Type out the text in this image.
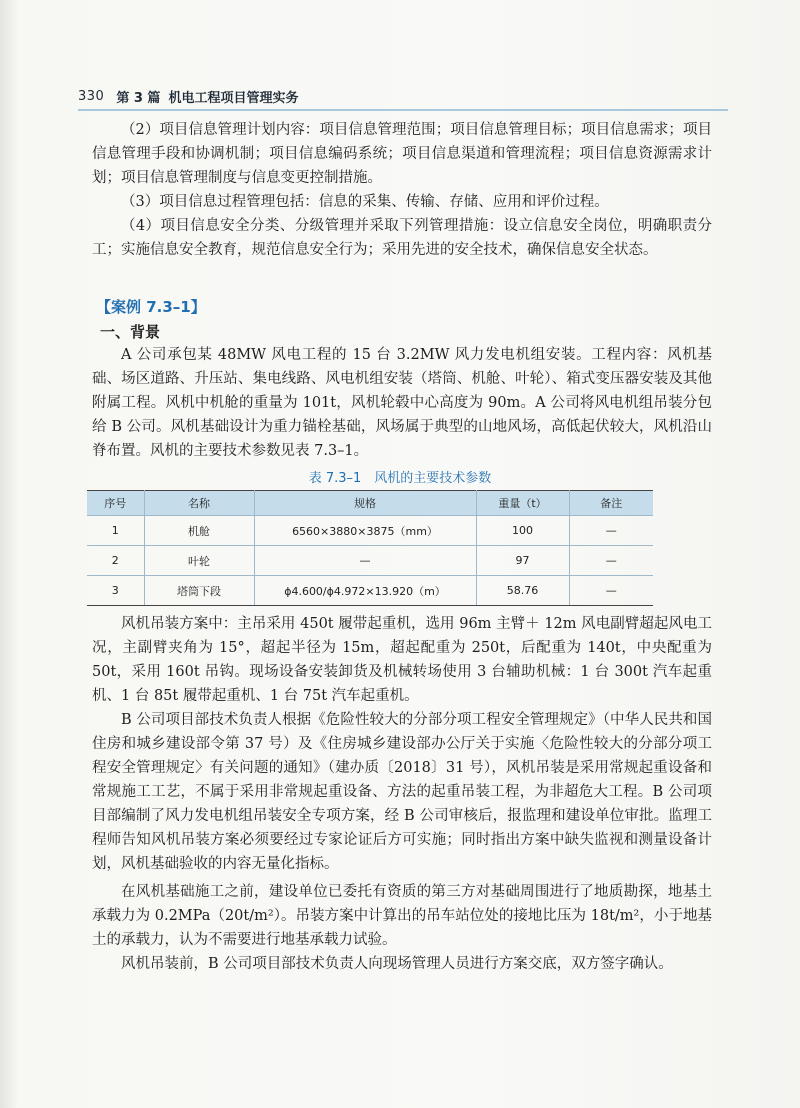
330 第 3 篇 机电工程项目管理实务

（2）项目信息管理计划内容：项目信息管理范围；项目信息管理目标；项目信息需求；项目信息管理手段和协调机制；项目信息编码系统；项目信息渠道和管理流程；项目信息资源需求计划；项目信息管理制度与信息变更控制措施。

（3）项目信息过程管理包括：信息的采集、传输、存储、应用和评价过程。

（4）项目信息安全分类、分级管理并采取下列管理措施：设立信息安全岗位，明确职责分工；实施信息安全教育，规范信息安全行为；采用先进的安全技术，确保信息安全状态。

【案例 7.3–1】
一、背景

A 公司承包某 48MW 风电工程的 15 台 3.2MW 风力发电机组安装。工程内容：风机基础、场区道路、升压站、集电线路、风电机组安装（塔筒、机舱、叶轮）、箱式变压器安装及其他附属工程。风机中机舱的重量为 101t，风机轮毂中心高度为 90m。A 公司将风电机组吊装分包给 B 公司。风机基础设计为重力锚栓基础，风场属于典型的山地风场，高低起伏较大，风机沿山脊布置。风机的主要技术参数见表 7.3–1。

表 7.3–1　风机的主要技术参数
序号	名称	规格	重量（t）	备注
1	机舱	6560×3880×3875（mm）	100	—
2	叶轮	—	97	—
3	塔筒下段	ϕ4.600/ϕ4.972×13.920（m）	58.76	—

风机吊装方案中：主吊采用 450t 履带起重机，选用 96m 主臂＋ 12m 风电副臂超起风电工况，主副臂夹角为 15°，超起半径为 15m，超起配重为 250t，后配重为 140t，中央配重为 50t，采用 160t 吊钩。现场设备安装卸货及机械转场使用 3 台辅助机械：1 台 300t 汽车起重机、1 台 85t 履带起重机、1 台 75t 汽车起重机。

B 公司项目部技术负责人根据《危险性较大的分部分项工程安全管理规定》（中华人民共和国住房和城乡建设部令第 37 号）及《住房城乡建设部办公厅关于实施〈危险性较大的分部分项工程安全管理规定〉有关问题的通知》（建办质〔2018〕31 号），风机吊装是采用常规起重设备和常规施工工艺，不属于采用非常规起重设备、方法的起重吊装工程，为非超危大工程。B 公司项目部编制了风力发电机组吊装安全专项方案，经 B 公司审核后，报监理和建设单位审批。监理工程师告知风机吊装方案必须要经过专家论证后方可实施；同时指出方案中缺失监视和测量设备计划，风机基础验收的内容无量化指标。

在风机基础施工之前，建设单位已委托有资质的第三方对基础周围进行了地质勘探，地基土承载力为 0.2MPa（20t/m²）。吊装方案中计算出的吊车站位处的接地比压为 18t/m²，小于地基土的承载力，认为不需要进行地基承载力试验。

风机吊装前，B 公司项目部技术负责人向现场管理人员进行方案交底，双方签字确认。
